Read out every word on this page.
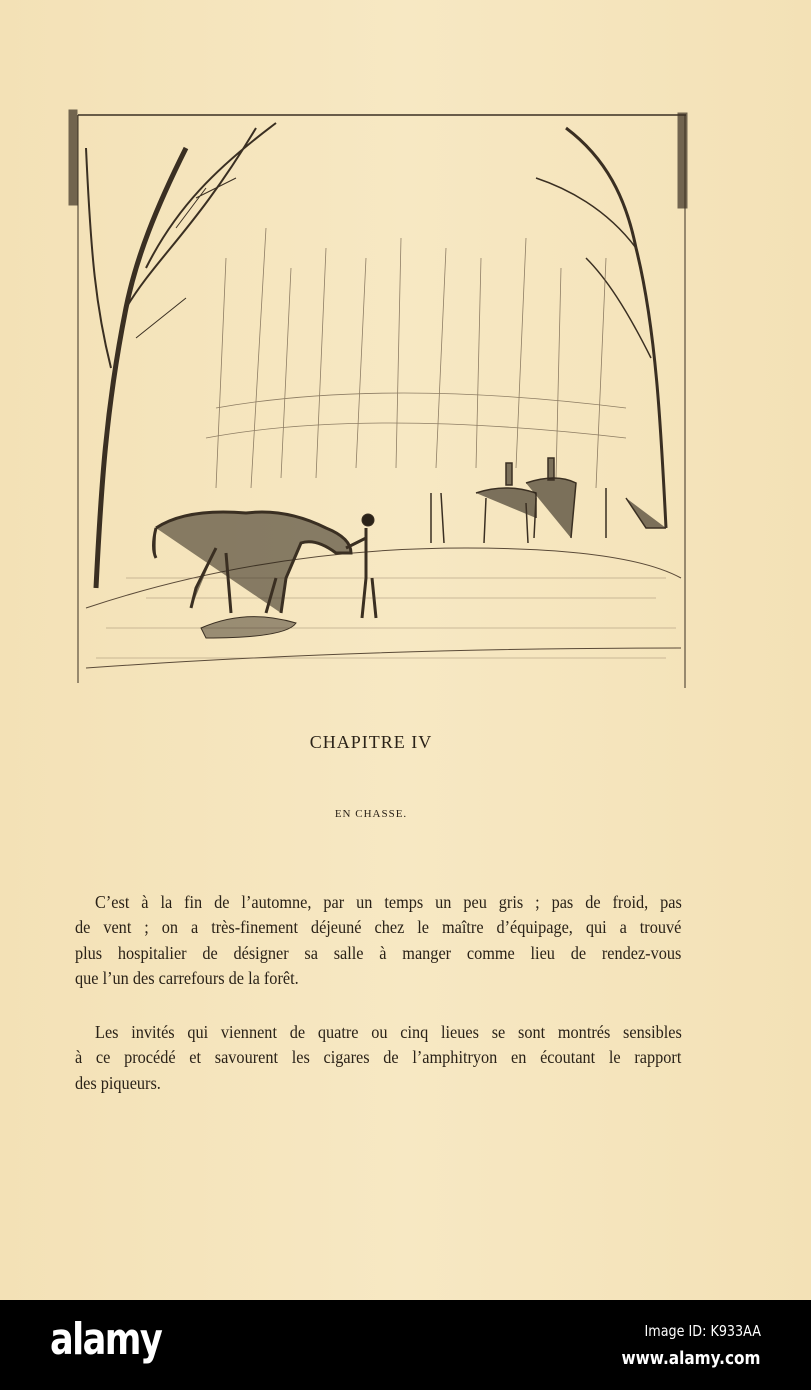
CHAPITRE IV
EN CHASSE.
C’est à la fin de l’automne, par un temps un peu gris ; pas de froid, pas
de vent ; on a très-finement déjeuné chez le maître d’équipage, qui a trouvé
plus hospitalier de désigner sa salle à manger comme lieu de rendez-vous
que l’un des carrefours de la forêt.
Les invités qui viennent de quatre ou cinq lieues se sont montrés sensibles
à ce procédé et savourent les cigares de l’amphitryon en écoutant le rapport
des piqueurs.
alamy	Image ID: K933AA
www.alamy.com
